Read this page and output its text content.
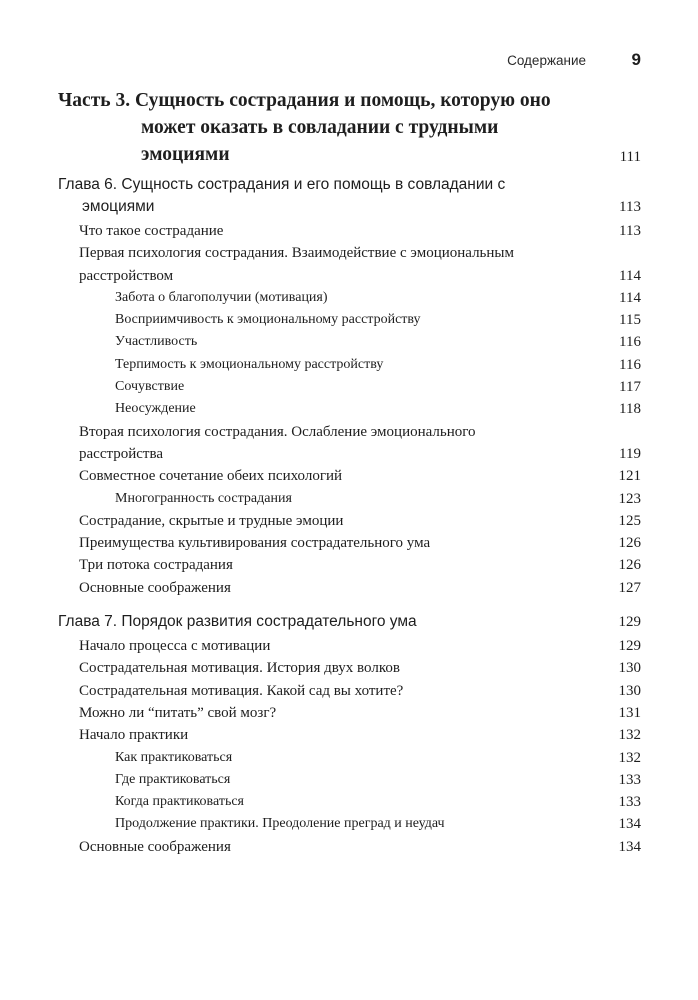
Содержание	9
Часть 3. Сущность сострадания и помощь, которую оно может оказать в совладании с трудными эмоциями	111
Глава 6. Сущность сострадания и его помощь в совладании с эмоциями	113
Что такое сострадание	113
Первая психология сострадания. Взаимодействие с эмоциональным расстройством	114
Забота о благополучии (мотивация)	114
Восприимчивость к эмоциональному расстройству	115
Участливость	116
Терпимость к эмоциональному расстройству	116
Сочувствие	117
Неосуждение	118
Вторая психология сострадания. Ослабление эмоционального расстройства	119
Совместное сочетание обеих психологий	121
Многогранность сострадания	123
Сострадание, скрытые и трудные эмоции	125
Преимущества культивирования сострадательного ума	126
Три потока сострадания	126
Основные соображения	127
Глава 7. Порядок развития сострадательного ума	129
Начало процесса с мотивации	129
Сострадательная мотивация. История двух волков	130
Сострадательная мотивация. Какой сад вы хотите?	130
Можно ли “питать” свой мозг?	131
Начало практики	132
Как практиковаться	132
Где практиковаться	133
Когда практиковаться	133
Продолжение практики. Преодоление преград и неудач	134
Основные соображения	134
